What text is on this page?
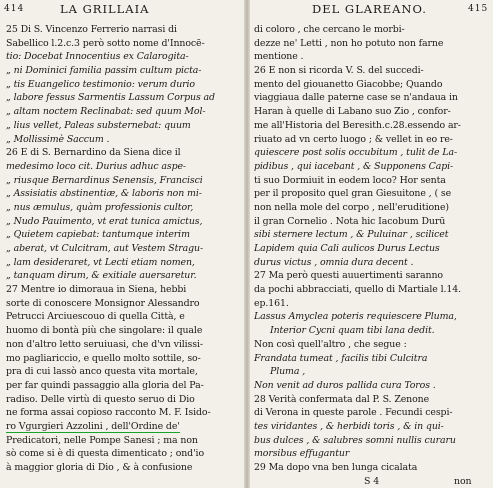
414	LA GRILLAIA
25 Di S. Vincenzo Ferrerio narrasi di
Sabellico l.2.c.3 però sotto nome d'Innocē-
tio: Docebat Innocentius ex Calarogita-
„ ni Dominici familia passim cultum picta-
„ tis Euangelico testimonio: verum durio
„ labore fessus Sarmentis Lassum Corpus ad
„ altam noctem Reclinabat: sed quum Mol-
„ lius vellet, Paleas substernebat: quum
„ Mollissimè Saccum .
26 E di S. Bernardino da Siena dice il
medesimo loco cit. Durius adhuc aspe-
„ riusque Bernardinus Senensis, Francisci
„ Assisiatis abstinentiæ, & laboris non mi-
„ nus æmulus, quàm professionis cultor,
„ Nudo Pauimento, vt erat tunica amictus,
„ Quietem capiebat: tantumque interim
„ aberat, vt Culcitram, aut Vestem Stragu-
„ lam desideraret, vt Lecti etiam nomen,
„ tanquam dirum, & exitiale auersaretur.
27 Mentre io dimoraua in Siena, hebbi
sorte di conoscere Monsignor Alessandro
Petrucci Arciuescouo di quella Città, e
huomo di bontà più che singolare: il quale
non d'altro letto seruiuasi, che d'vn vilissi-
mo pagliariccio, e quello molto sottile, so-
pra di cui lassò anco questa vita mortale,
per far quindi passaggio alla gloria del Pa-
radiso. Delle virtù di questo seruo di Dio
ne forma assai copioso racconto M. F. Isido-
ro Vgurgieri Azzolini , dell'Ordine de'
Predicatori, nelle Pompe Sanesi ; ma non
sò come si è di questa dimenticato ; ond'io
à maggior gloria di Dio , & à confusione
DEL GLAREANO.	415
di coloro , che cercano le morbi-
dezze ne' Letti , non ho potuto non farne
mentione .
26 E non si ricorda V. S. del succedi-
mento del giouanetto Giacobbe; Quando
viaggiaua dalle paterne case se n'andaua in
Haran à quelle di Labano suo Zio , confor-
me all'Historia del Beresith.c.28.essendo ar-
riuato ad vn certo luogo ; & vellet in eo re-
quiescere post solis occubitum , tulit de La-
pidibus , qui iacebant , & Supponens Capi-
ti suo Dormiuit in eodem loco? Hor senta
per il proposito quel gran Giesuitone , ( se
non nella mole del corpo , nell'eruditione)
il gran Cornelio . Nota hic Iacobum Durū
sibi sternere lectum , & Puluinar , scilicet
Lapidem quia Cali aulicos Durus Lectus
durus victus , omnia dura decent .
27 Ma però questi auuertimenti saranno
da pochi abbracciati, quello di Martiale l.14.
ep.161.
Lassus Amyclea poteris requiescere Pluma,
Interior Cycni quam tibi lana dedit.
Non così quell'altro , che segue :
Frandata tumeat , facilis tibi Culcitra
Pluma ,
Non venit ad duros pallida cura Toros .
28 Verità confermata dal P. S. Zenone
di Verona in queste parole . Fecundi cespi-
tes viridantes , & herbidi toris , & in qui-
bus dulces , & salubres somni nullis curaru
morsibus effugantur
29 Ma dopo vna ben lunga cicalata
S 4	non
